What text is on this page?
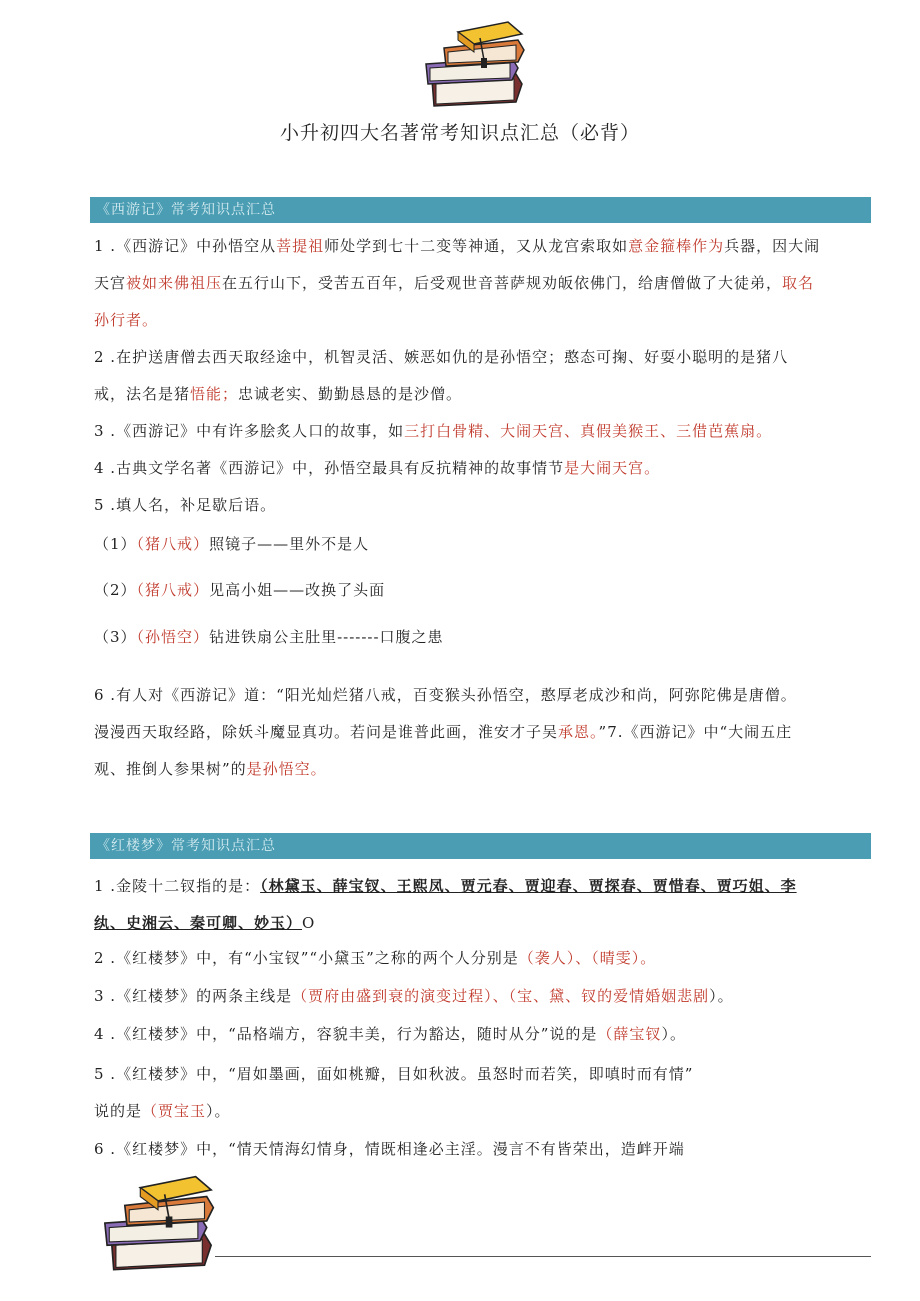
小升初四大名著常考知识点汇总（必背）
《西游记》常考知识点汇总
1 .《西游记》中孙悟空从菩提祖师处学到七十二变等神通，又从龙宫索取如意金箍棒作为兵器，因大闹
天宫被如来佛祖压在五行山下，受苦五百年，后受观世音菩萨规劝皈依佛门，给唐僧做了大徒弟，取名
孙行者。
2 .在护送唐僧去西天取经途中，机智灵活、嫉恶如仇的是孙悟空；憨态可掬、好耍小聪明的是猪八
戒，法名是猪悟能；忠诚老实、勤勤恳恳的是沙僧。
3 .《西游记》中有许多脍炙人口的故事，如三打白骨精、大闹天宫、真假美猴王、三借芭蕉扇。
4 .古典文学名著《西游记》中，孙悟空最具有反抗精神的故事情节是大闹天宫。
5 .填人名，补足歇后语。
（1）（猪八戒）照镜子——里外不是人
（2）（猪八戒）见高小姐——改换了头面
（3）（孙悟空）钻进铁扇公主肚里-------口腹之患
6 .有人对《西游记》道：“阳光灿烂猪八戒，百变猴头孙悟空，憨厚老成沙和尚，阿弥陀佛是唐僧。
漫漫西天取经路，除妖斗魔显真功。若问是谁普此画，淮安才子吴承恩。”7.《西游记》中“大闹五庄
观、推倒人参果树”的是孙悟空。
《红楼梦》常考知识点汇总
1 .金陵十二钗指的是：（林黛玉、薛宝钗、王熙凤、贾元春、贾迎春、贾探春、贾惜春、贾巧姐、李
纨、史湘云、秦可卿、妙玉）O
2 .《红楼梦》中，有“小宝钗”“小黛玉”之称的两个人分别是（袭人）、（晴雯）。
3 .《红楼梦》的两条主线是（贾府由盛到衰的演变过程）、（宝、黛、钗的爱情婚姻悲剧）。
4 .《红楼梦》中，“品格端方，容貌丰美，行为豁达，随时从分”说的是（薛宝钗）。
5 .《红楼梦》中，“眉如墨画，面如桃瓣，目如秋波。虽怒时而若笑，即嗔时而有情”
说的是（贾宝玉）。
6 .《红楼梦》中，“情天情海幻情身，情既相逢必主淫。漫言不有皆荣出，造衅开端
